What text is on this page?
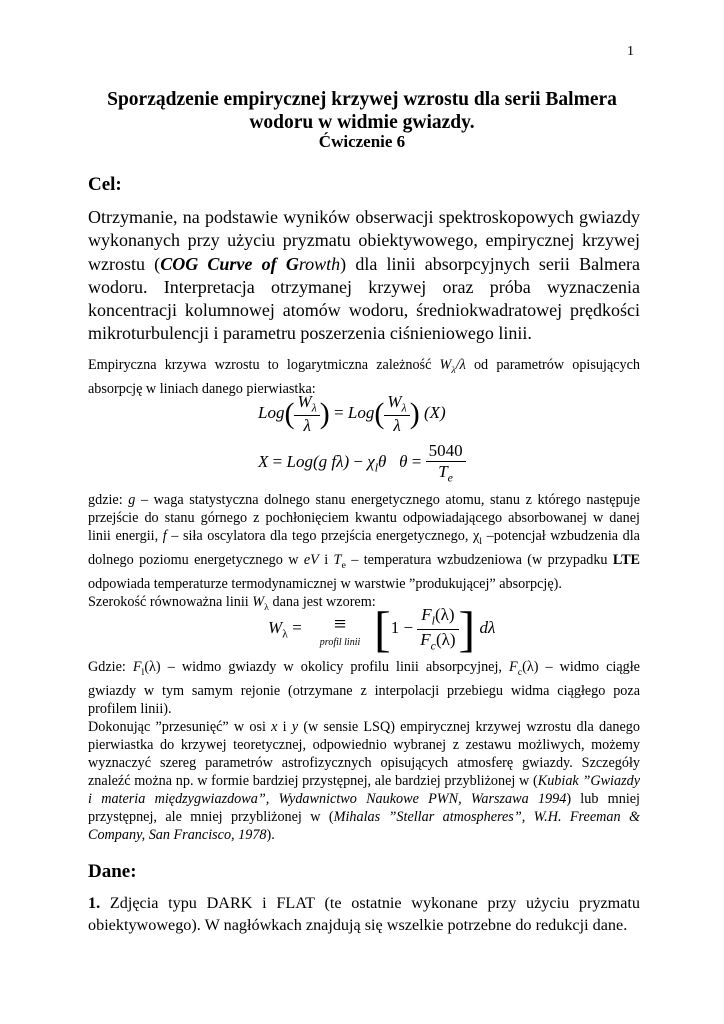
1
Sporządzenie empirycznej krzywej wzrostu dla serii Balmera
wodoru w widmie gwiazdy.
Ćwiczenie 6
Cel:
Otrzymanie, na podstawie wyników obserwacji spektroskopowych gwiazdy wykonanych przy użyciu pryzmatu obiektywowego, empirycznej krzywej wzrostu (COG Curve of Growth) dla linii absorpcyjnych serii Balmera wodoru. Interpretacja otrzymanej krzywej oraz próba wyznaczenia koncentracji kolumnowej atomów wodoru, średniokwadratowej prędkości mikroturbulencji i parametru poszerzenia ciśnieniowego linii.
Empiryczna krzywa wzrostu to logarytmiczna zależność $W_\lambda/\lambda$ od parametrów opisujących absorpcję w liniach danego pierwiastka:
$Log( \frac{W_\lambda}{\lambda}$ ) = $Log( \frac{W_\lambda}{\lambda}$ ) (X)
X = Log(g $f\lambda) - \chi_l\theta$ $\theta = \frac{5040}{T_e}$
gdzie: g – waga statystyczna dolnego stanu energetycznego atomu, stanu z którego następuje przejście do stanu górnego z pochłonięciem kwantu odpowiadającego absorbowanej w danej linii energii, f – siła oscylatora dla tego przejścia energetycznego, $\chi_l$ –potencjał wzbudzenia dla dolnego poziomu energetycznego w eV i $T_e$ – temperatura wzbudzeniowa (w przypadku LTE odpowiada temperaturze termodynamicznej w warstwie ”produkującej” absorpcję).
Szerokość równoważna linii $W_\lambda$ dana jest wzorem:
$W_\lambda$ =	≡
profil linii [$1 - \frac{F_l(\lambda)}{F_c(\lambda)}$ ] dλ
Gdzie: $F_l(\lambda)$ – widmo gwiazdy w okolicy profilu linii absorpcyjnej, $F_c(\lambda)$ – widmo ciągłe gwiazdy w tym samym rejonie (otrzymane z interpolacji przebiegu widma ciągłego poza profilem linii).
Dokonując ”przesunięć” w osi x i y (w sensie LSQ) empirycznej krzywej wzrostu dla danego pierwiastka do krzywej teoretycznej, odpowiednio wybranej z zestawu możliwych, możemy wyznaczyć szereg parametrów astrofizycznych opisujących atmosferę gwiazdy. Szczegóły znaleźć można np. w formie bardziej przystępnej, ale bardziej przybliżonej w (Kubiak ”Gwiazdy i materia międzygwiazdowa”, Wydawnictwo Naukowe PWN, Warszawa 1994) lub mniej przystępnej, ale mniej przybliżonej w (Mihalas ”Stellar atmospheres”, W.H. Freeman & Company, San Francisco, 1978).
Dane:
1. Zdjęcia typu DARK i FLAT (te ostatnie wykonane przy użyciu pryzmatu obiektywowego). W nagłówkach znajdują się wszelkie potrzebne do redukcji dane.
